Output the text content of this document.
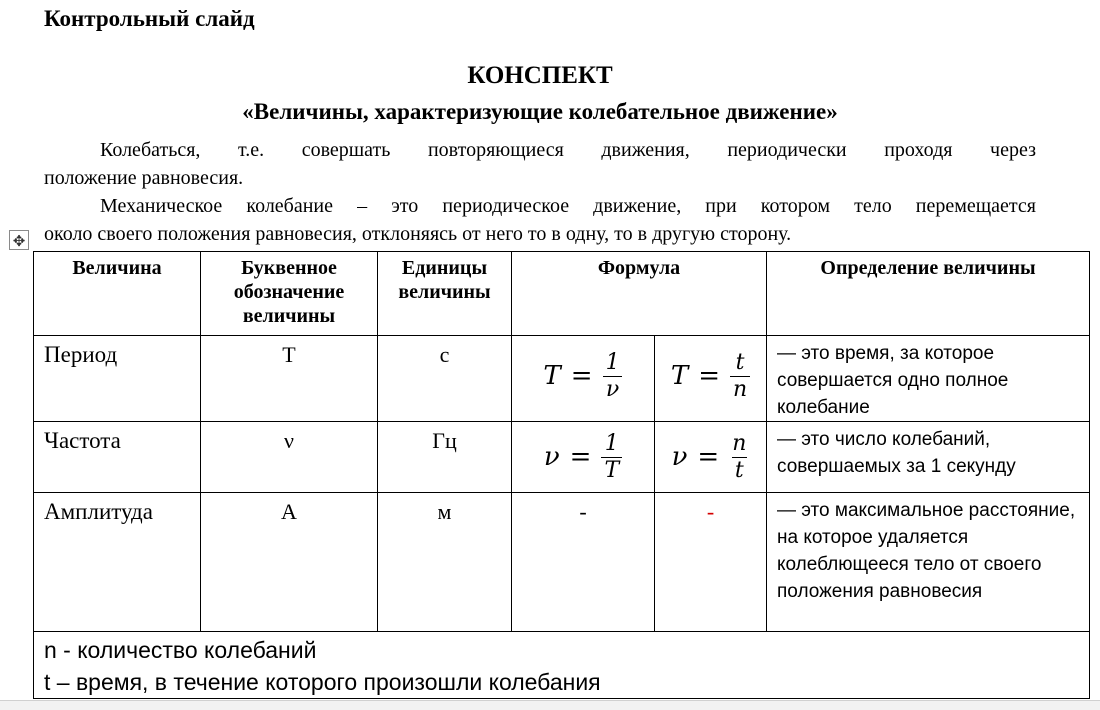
Контрольный слайд
КОНСПЕКТ
«Величины, характеризующие колебательное движение»
Колебаться, т.е. совершать повторяющиеся движения, периодически проходя через
положение равновесия.
Механическое колебание – это периодическое движение, при котором тело перемещается
около своего положения равновесия, отклоняясь от него то в одну, то в другую сторону.
✥
Величина	Буквенное обозначение величины	Единицы величины	Формула		Определение величины
Период	T	с	$T = \frac{1}{\nu}$	$T = \frac{t}{n}$	— это время, за которое совершается одно полное колебание
Частота	ν	Гц	$\nu = \frac{1}{T}$	$\nu = \frac{n}{t}$	— это число колебаний, совершаемых за 1 секунду
Амплитуда	А	м	-	-	— это максимальное расстояние, на которое удаляется колеблющееся тело от своего положения равновесия

n - количество колебаний
t – время, в течение которого произошли колебания					
